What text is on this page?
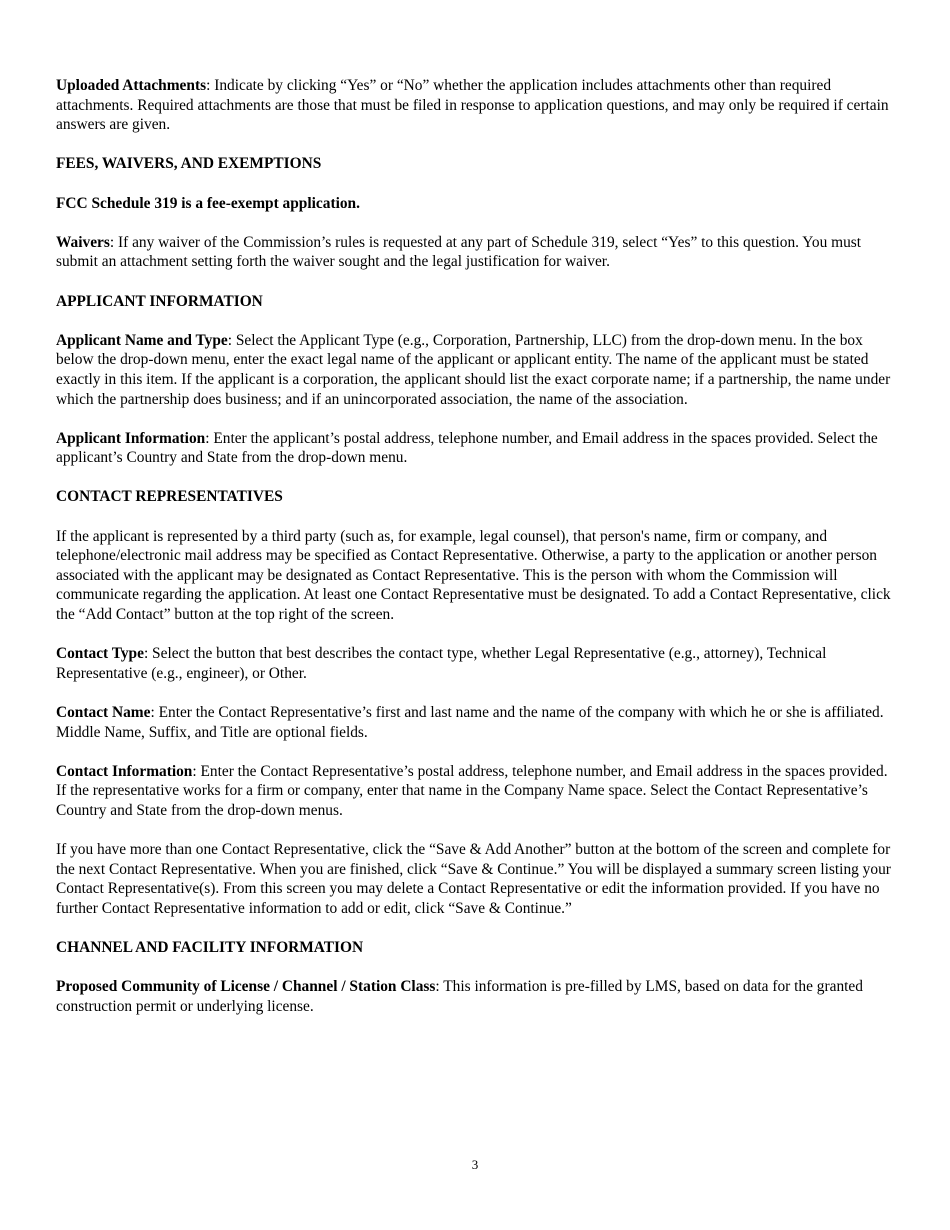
Uploaded Attachments: Indicate by clicking “Yes” or “No” whether the application includes attachments other than required attachments. Required attachments are those that must be filed in response to application questions, and may only be required if certain answers are given.

FEES, WAIVERS, AND EXEMPTIONS

FCC Schedule 319 is a fee-exempt application.

Waivers: If any waiver of the Commission’s rules is requested at any part of Schedule 319, select “Yes” to this question. You must submit an attachment setting forth the waiver sought and the legal justification for waiver.

APPLICANT INFORMATION

Applicant Name and Type: Select the Applicant Type (e.g., Corporation, Partnership, LLC) from the drop-down menu. In the box below the drop-down menu, enter the exact legal name of the applicant or applicant entity. The name of the applicant must be stated exactly in this item. If the applicant is a corporation, the applicant should list the exact corporate name; if a partnership, the name under which the partnership does business; and if an unincorporated association, the name of the association.

Applicant Information: Enter the applicant’s postal address, telephone number, and Email address in the spaces provided. Select the applicant’s Country and State from the drop-down menu.

CONTACT REPRESENTATIVES

If the applicant is represented by a third party (such as, for example, legal counsel), that person's name, firm or company, and telephone/electronic mail address may be specified as Contact Representative. Otherwise, a party to the application or another person associated with the applicant may be designated as Contact Representative. This is the person with whom the Commission will communicate regarding the application. At least one Contact Representative must be designated. To add a Contact Representative, click the “Add Contact” button at the top right of the screen.

Contact Type: Select the button that best describes the contact type, whether Legal Representative (e.g., attorney), Technical Representative (e.g., engineer), or Other.

Contact Name: Enter the Contact Representative’s first and last name and the name of the company with which he or she is affiliated. Middle Name, Suffix, and Title are optional fields.

Contact Information: Enter the Contact Representative’s postal address, telephone number, and Email address in the spaces provided. If the representative works for a firm or company, enter that name in the Company Name space. Select the Contact Representative’s Country and State from the drop-down menus.

If you have more than one Contact Representative, click the “Save & Add Another” button at the bottom of the screen and complete for the next Contact Representative. When you are finished, click “Save & Continue.” You will be displayed a summary screen listing your Contact Representative(s). From this screen you may delete a Contact Representative or edit the information provided. If you have no further Contact Representative information to add or edit, click “Save & Continue.”

CHANNEL AND FACILITY INFORMATION

Proposed Community of License / Channel / Station Class: This information is pre-filled by LMS, based on data for the granted construction permit or underlying license.

3
